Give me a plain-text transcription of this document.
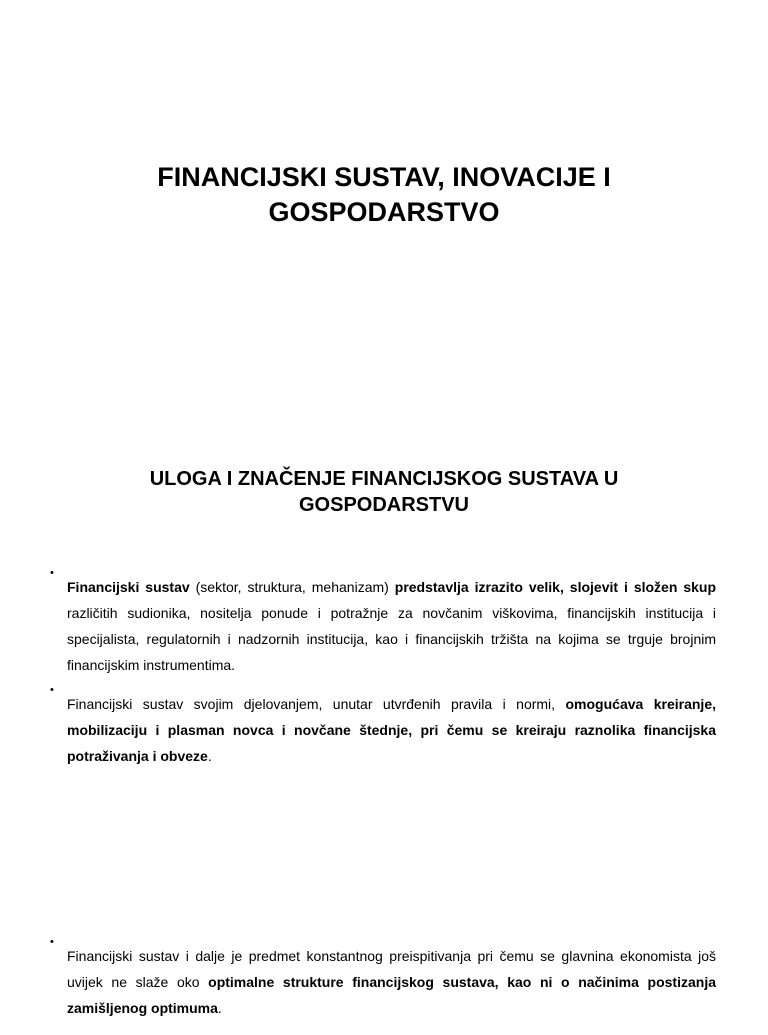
FINANCIJSKI SUSTAV, INOVACIJE I GOSPODARSTVO
ULOGA I ZNAČENJE FINANCIJSKOG SUSTAVA U GOSPODARSTVU
•

Financijski sustav (sektor, struktura, mehanizam) predstavlja izrazito velik, slojevit i složen skup različitih sudionika, nositelja ponude i potražnje za novčanim viškovima, financijskih institucija i specijalista, regulatornih i nadzornih institucija, kao i financijskih tržišta na kojima se trguje brojnim financijskim instrumentima.

•

Financijski sustav svojim djelovanjem, unutar utvrđenih pravila i normi, omogućava kreiranje, mobilizaciju i plasman novca i novčane štednje, pri čemu se kreiraju raznolika financijska potraživanja i obveze.

•

Financijski sustav i dalje je predmet konstantnog preispitivanja pri čemu se glavnina ekonomista još uvijek ne slaže oko optimalne strukture financijskog sustava, kao ni o načinima postizanja zamišljenog optimuma.
